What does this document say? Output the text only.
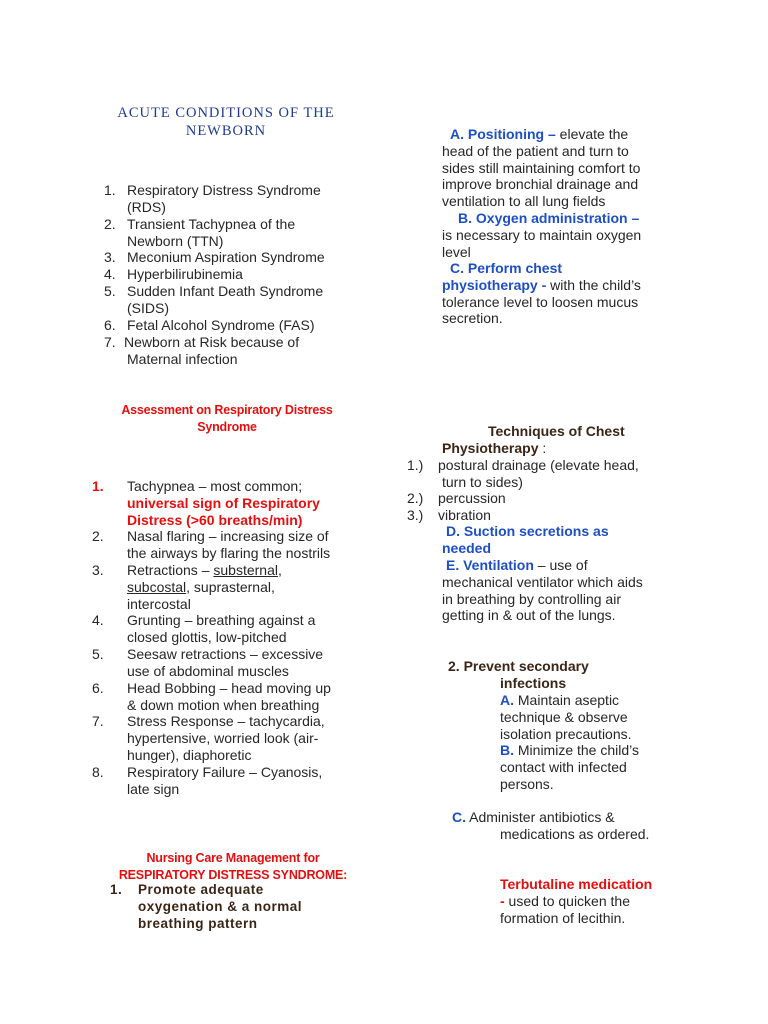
ACUTE CONDITIONS OF THE
NEWBORN
1. Respiratory Distress Syndrome
(RDS)
2. Transient Tachypnea of the
Newborn (TTN)
3. Meconium Aspiration Syndrome
4. Hyperbilirubinemia
5. Sudden Infant Death Syndrome
(SIDS)
6. Fetal Alcohol Syndrome (FAS)
7. Newborn at Risk because of
Maternal infection
Assessment on Respiratory Distress
Syndrome
1.	Tachypnea – most common;
universal sign of Respiratory
Distress (>60 breaths/min)
2.	Nasal flaring – increasing size of
the airways by flaring the nostrils
3.	Retractions – substernal,
subcostal, suprasternal,
intercostal
4.	Grunting – breathing against a
closed glottis, low-pitched
5.	Seesaw retractions – excessive
use of abdominal muscles
6.	Head Bobbing – head moving up
& down motion when breathing
7.	Stress Response – tachycardia,
hypertensive, worried look (air-
hunger), diaphoretic
8.	Respiratory Failure – Cyanosis,
late sign
Nursing Care Management for
RESPIRATORY DISTRESS SYNDROME:
1.	Promote adequate
oxygenation & a normal
breathing pattern
A. Positioning – elevate the
head of the patient and turn to
sides still maintaining comfort to
improve bronchial drainage and
ventilation to all lung fields
B. Oxygen administration –
is necessary to maintain oxygen
level
C. Perform chest
physiotherapy - with the child’s
tolerance level to loosen mucus
secretion.
Techniques of Chest
Physiotherapy :
1.)	postural drainage (elevate head,
turn to sides)
2.)	percussion
3.)	vibration
D. Suction secretions as
needed
E. Ventilation – use of
mechanical ventilator which aids
in breathing by controlling air
getting in & out of the lungs.
2. Prevent secondary
infections
A. Maintain aseptic
technique & observe
isolation precautions.
B. Minimize the child’s
contact with infected
persons.
C. Administer antibiotics &
medications as ordered.
Terbutaline medication
- used to quicken the
formation of lecithin.
